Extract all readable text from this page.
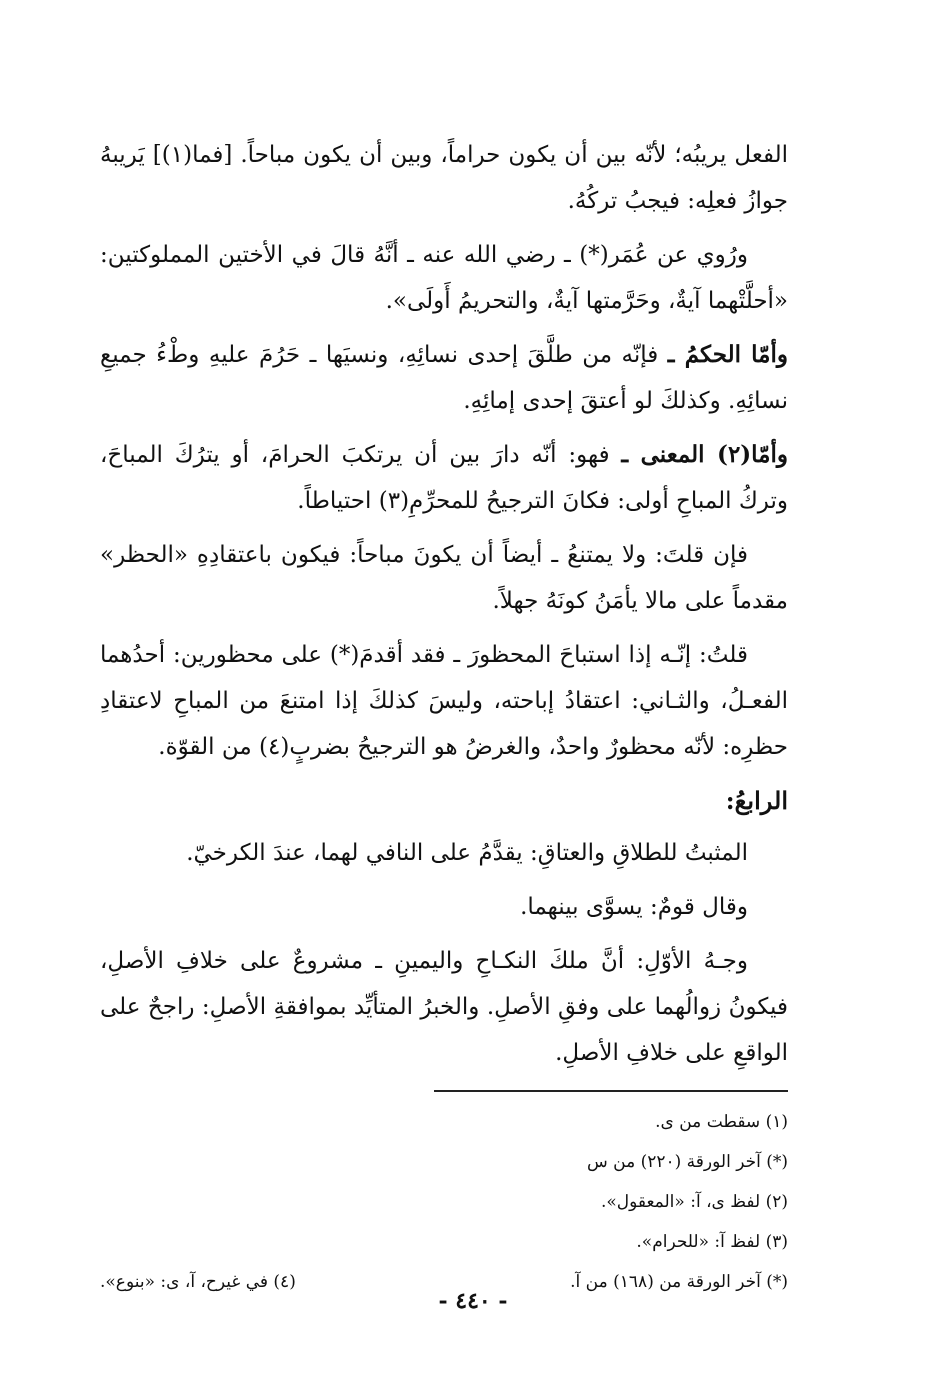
الفعل يريبُه؛ لأنّه بين أن يكون حراماً، وبين أن يكون مباحاً. [فما(١)] يَريبهُ جوازُ فعلِه: فيجبُ تركُهُ.

ورُوي عن عُمَر(*) ـ رضي الله عنه ـ أنَّهُ قالَ في الأختين المملوكتين: «أحلَّتْهما آيةٌ، وحَرَّمتها آيةٌ، والتحريمُ أَولَى».

وأمّا الحكمُ ـ فإنّه من طلَّقَ إحدى نسائِهِ، ونسيَها ـ حَرُمَ عليهِ وطْءُ جميعِ نسائِهِ. وكذلكَ لو أعتقَ إحدى إمائِهِ.

وأمّا(٢) المعنى ـ فهو: أنّه دارَ بين أن يرتكبَ الحرامَ، أو يترُكَ المباحَ، وتركُ المباحِ أولى: فكانَ الترجيحُ للمحرِّمِ(٣) احتياطاً.

فإن قلتَ: ولا يمتنعُ ـ أيضاً أن يكونَ مباحاً: فيكون باعتقادِهِ «الحظر» مقدماً على مالا يأمَنُ كونَهُ جهلاً.

قلتُ: إنّـه إذا استباحَ المحظورَ ـ فقد أقدمَ(*) على محظورين: أحدُهما الفعـلُ، والثـاني: اعتقادُ إباحته، وليسَ كذلكَ إذا امتنعَ من المباحِ لاعتقادِ حظرِه: لأنّه محظورٌ واحدٌ، والغرضُ هو الترجيحُ بضربٍ(٤) من القوّة.

الرابعُ:

المثبتُ للطلاقِ والعتاقِ: يقدَّمُ على النافي لهما، عندَ الكرخيّ.

وقال قومٌ: يسوَّى بينهما.

وجـهُ الأوّلِ: أنَّ ملكَ النكـاحِ واليمينِ ـ مشروعٌ على خلافِ الأصلِ، فيكونُ زوالُهما على وفقِ الأصلِ. والخبرُ المتأيِّد بموافقةِ الأصلِ: راجحٌ على الواقعِ على خلافِ الأصلِ.

(١) سقطت من ى.

(*) آخر الورقة (٢٢٠) من س

(٢) لفظ ى، آ: «المعقول».

(٣) لفظ آ: «للحرام».

(*) آخر الورقة من (١٦٨) من آ.
(٤) في غيرح، آ، ى: «بنوع».
- ٤٤٠ -
